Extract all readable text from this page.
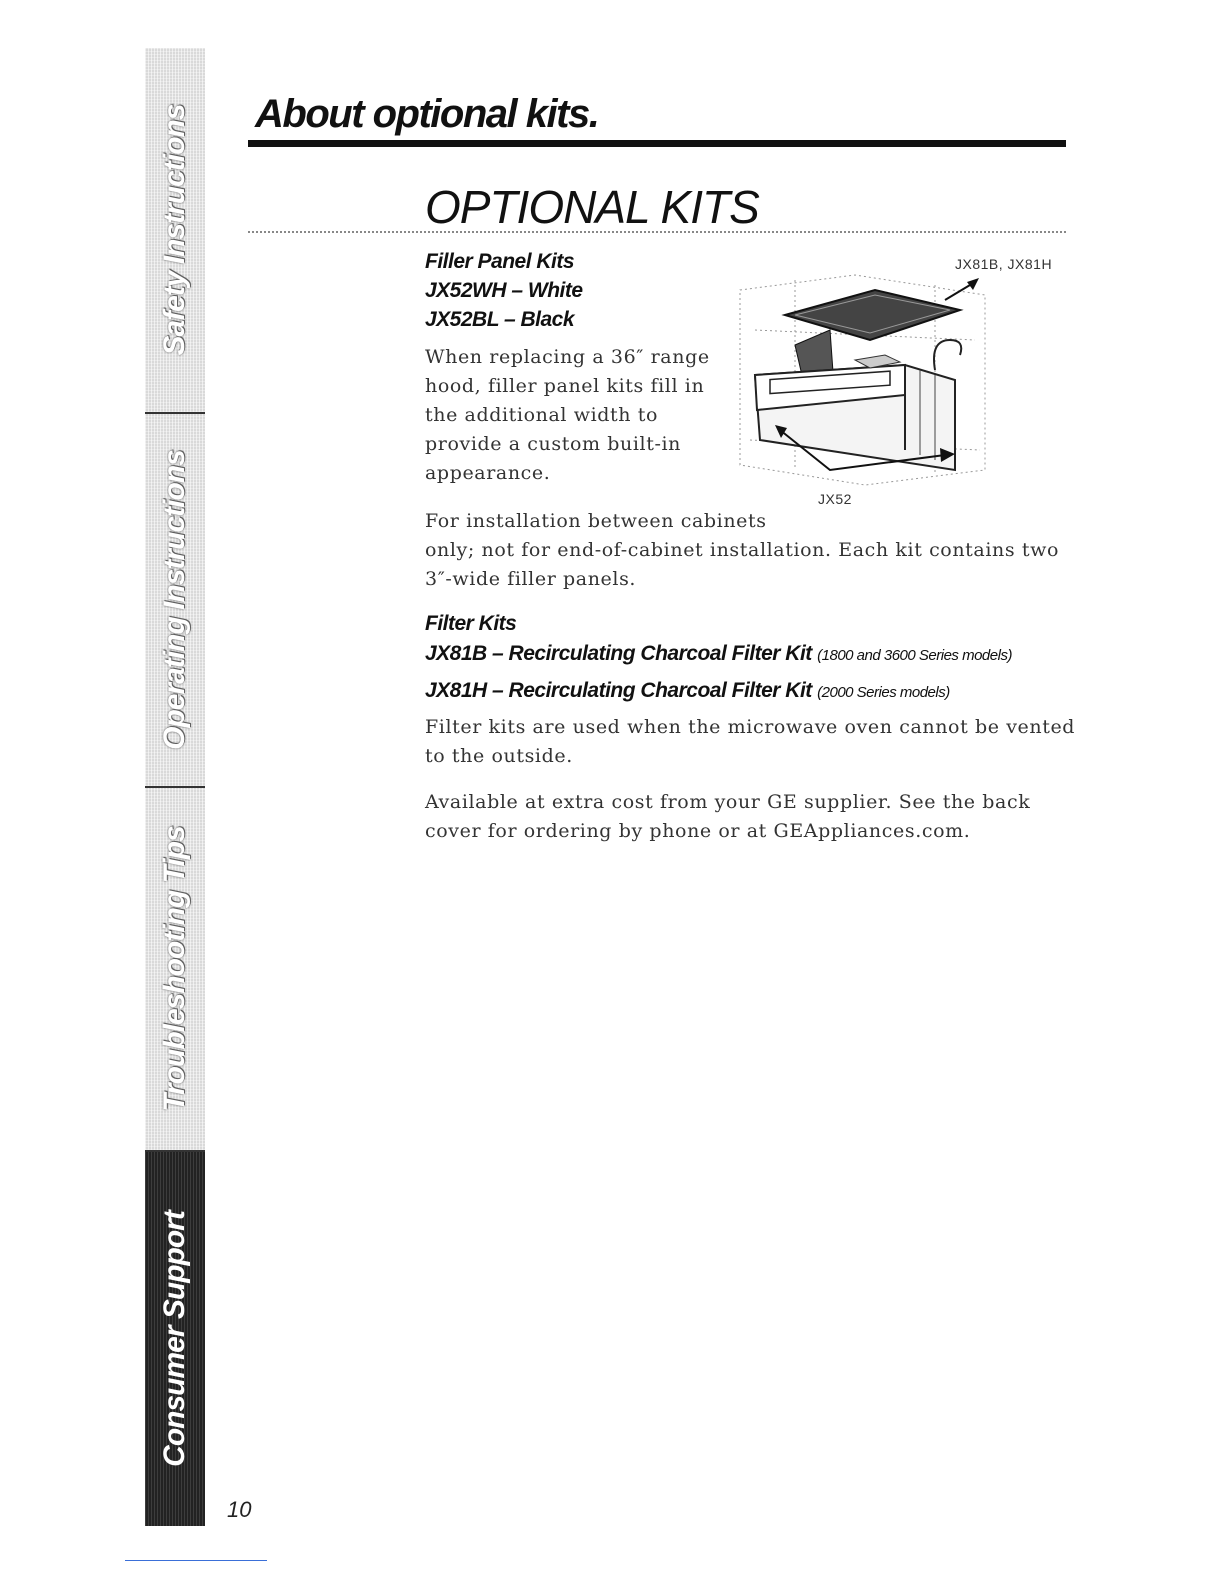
Safety Instructions
Operating Instructions
Troubleshooting Tips
Consumer Support
About optional kits.
OPTIONAL KITS
Filler Panel Kits
JX52WH – White
JX52BL – Black
When replacing a 36″ range
hood, filler panel kits fill in
the additional width to
provide a custom built-in
appearance.
For installation between cabinets
only; not for end-of-cabinet installation. Each kit contains two
3″-wide filler panels.
JX81B, JX81H
JX52
Filter Kits
JX81B – Recirculating Charcoal Filter Kit (1800 and 3600 Series models)
JX81H – Recirculating Charcoal Filter Kit (2000 Series models)
Filter kits are used when the microwave oven cannot be vented
to the outside.
Available at extra cost from your GE supplier. See the back
cover for ordering by phone or at GEAppliances.com.
10
